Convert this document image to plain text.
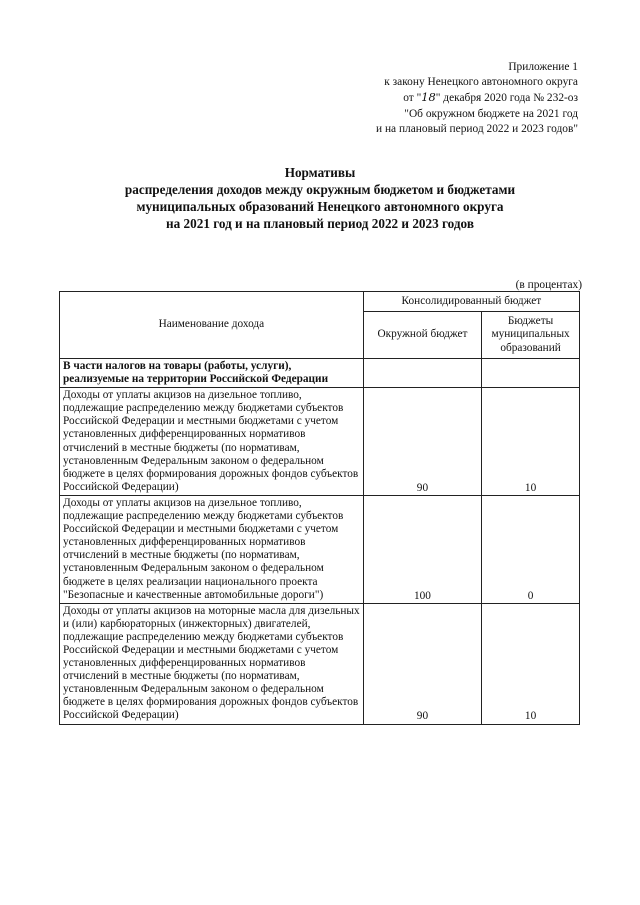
Приложение 1
к закону Ненецкого автономного округа
от "18" декабря 2020 года № 232-оз
"Об окружном бюджете на 2021 год
и на плановый период 2022 и 2023 годов"
Нормативы
распределения доходов между окружным бюджетом и бюджетами
муниципальных образований Ненецкого автономного округа
на 2021 год и на плановый период 2022 и 2023 годов
(в процентах)
Наименование дохода	Консолидированный бюджет	
	Окружной бюджет	Бюджеты муниципальных образований
В части налогов на товары (работы, услуги), реализуемые на территории Российской Федерации		
Доходы от уплаты акцизов на дизельное топливо, подлежащие распределению между бюджетами субъектов Российской Федерации и местными бюджетами с учетом установленных дифференцированных нормативов отчислений в местные бюджеты (по нормативам, установленным Федеральным законом о федеральном бюджете в целях формирования дорожных фондов субъектов Российской Федерации)	90	10
Доходы от уплаты акцизов на дизельное топливо, подлежащие распределению между бюджетами субъектов Российской Федерации и местными бюджетами с учетом установленных дифференцированных нормативов отчислений в местные бюджеты (по нормативам, установленным Федеральным законом о федеральном бюджете в целях реализации национального проекта "Безопасные и качественные автомобильные дороги")	100	0
Доходы от уплаты акцизов на моторные масла для дизельных и (или) карбюраторных (инжекторных) двигателей, подлежащие распределению между бюджетами субъектов Российской Федерации и местными бюджетами с учетом установленных дифференцированных нормативов отчислений в местные бюджеты (по нормативам, установленным Федеральным законом о федеральном бюджете в целях формирования дорожных фондов субъектов Российской Федерации)	90	10
